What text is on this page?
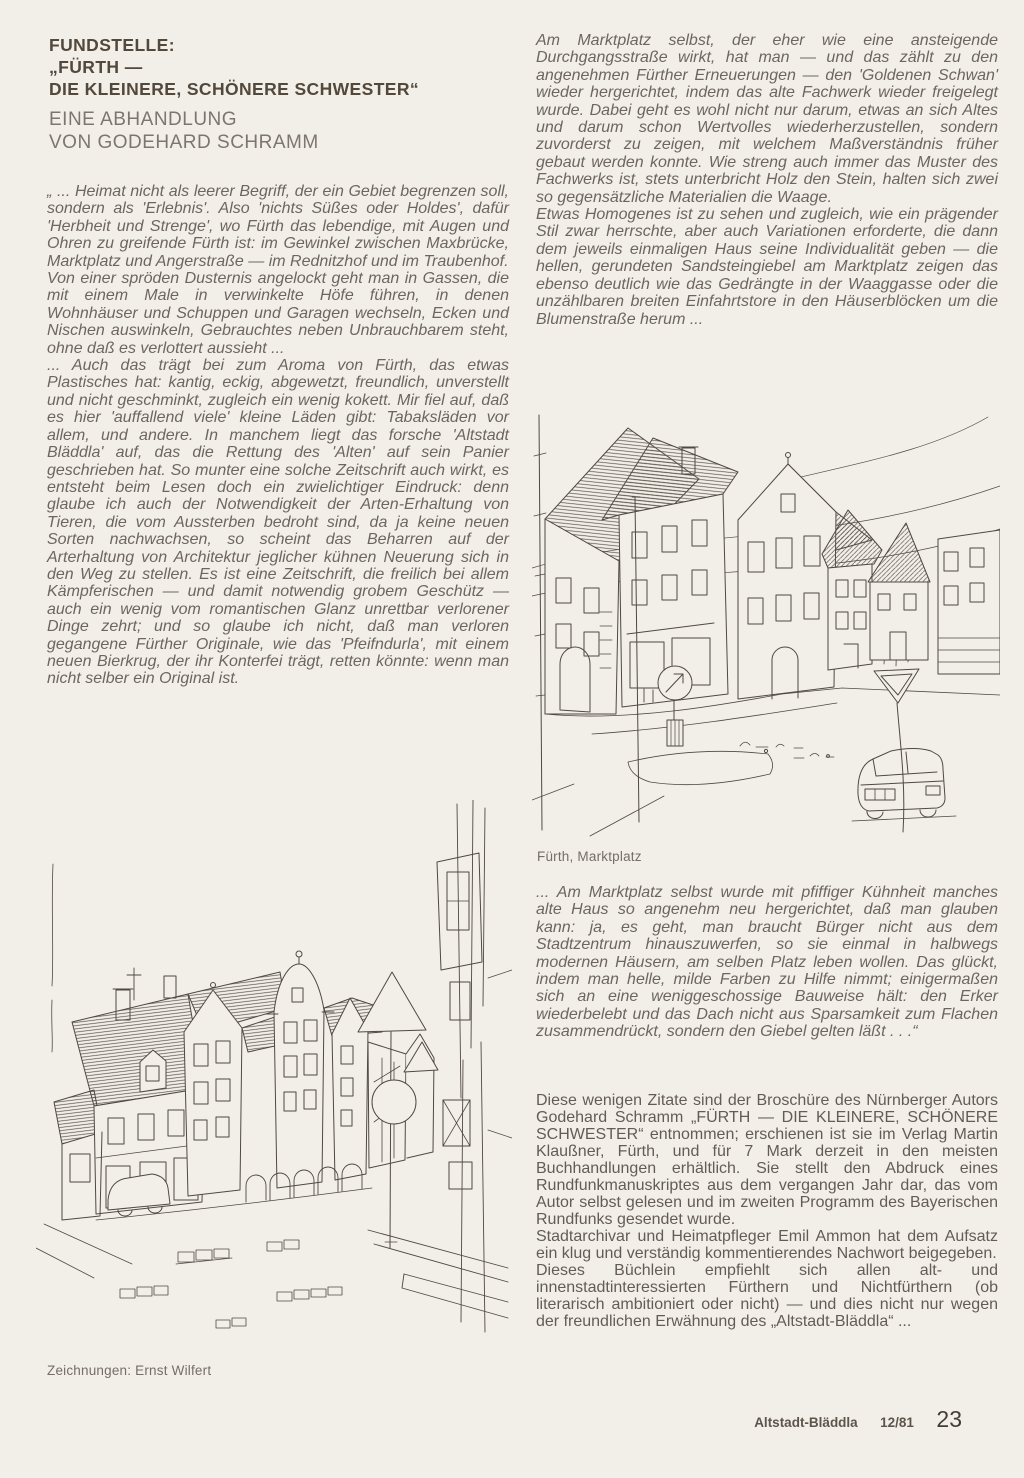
FUNDSTELLE:
„FÜRTH —
DIE KLEINERE, SCHÖNERE SCHWESTER“
EINE ABHANDLUNG
VON GODEHARD SCHRAMM

„ ... Heimat nicht als leerer Begriff, der ein Gebiet begrenzen soll, sondern als 'Erlebnis'. Also 'nichts Süßes oder Holdes', dafür 'Herbheit und Strenge', wo Fürth das lebendige, mit Augen und Ohren zu greifende Fürth ist: im Gewinkel zwischen Maxbrücke, Marktplatz und Angerstraße — im Rednitzhof und im Traubenhof.

Von einer spröden Dusternis angelockt geht man in Gassen, die mit einem Male in verwinkelte Höfe führen, in denen Wohnhäuser und Schuppen und Garagen wechseln, Ecken und Nischen auswinkeln, Gebrauchtes neben Unbrauchbarem steht, ohne daß es verlottert aussieht ...

... Auch das trägt bei zum Aroma von Fürth, das etwas Plastisches hat: kantig, eckig, abgewetzt, freundlich, unverstellt und nicht geschminkt, zugleich ein wenig kokett. Mir fiel auf, daß es hier 'auffallend viele' kleine Läden gibt: Tabaksläden vor allem, und andere. In manchem liegt das forsche 'Altstadt Bläddla' auf, das die Rettung des 'Alten' auf sein Panier geschrieben hat. So munter eine solche Zeitschrift auch wirkt, es entsteht beim Lesen doch ein zwielichtiger Eindruck: denn glaube ich auch der Notwendigkeit der Arten-Erhaltung von Tieren, die vom Aussterben bedroht sind, da ja keine neuen Sorten nachwachsen, so scheint das Beharren auf der Arterhaltung von Architektur jeglicher kühnen Neuerung sich in den Weg zu stellen. Es ist eine Zeitschrift, die freilich bei allem Kämpferischen — und damit notwendig grobem Geschütz — auch ein wenig vom romantischen Glanz unrettbar verlorener Dinge zehrt; und so glaube ich nicht, daß man verloren gegangene Fürther Originale, wie das 'Pfeifndurla', mit einem neuen Bierkrug, der ihr Konterfei trägt, retten könnte: wenn man nicht selber ein Original ist.

Am Marktplatz selbst, der eher wie eine ansteigende Durchgangsstraße wirkt, hat man — und das zählt zu den angenehmen Fürther Erneuerungen — den 'Goldenen Schwan' wieder hergerichtet, indem das alte Fachwerk wieder freigelegt wurde. Dabei geht es wohl nicht nur darum, etwas an sich Altes und darum schon Wertvolles wiederherzustellen, sondern zuvorderst zu zeigen, mit welchem Maßverständnis früher gebaut werden konnte. Wie streng auch immer das Muster des Fachwerks ist, stets unterbricht Holz den Stein, halten sich zwei so gegensätzliche Materialien die Waage.

Etwas Homogenes ist zu sehen und zugleich, wie ein prägender Stil zwar herrschte, aber auch Variationen erforderte, die dann dem jeweils einmaligen Haus seine Individualität geben — die hellen, gerundeten Sandsteingiebel am Marktplatz zeigen das ebenso deutlich wie das Gedrängte in der Waaggasse oder die unzählbaren breiten Einfahrtstore in den Häuserblöcken um die Blumenstraße herum ...

Fürth, Marktplatz

... Am Marktplatz selbst wurde mit pfiffiger Kühnheit manches alte Haus so angenehm neu hergerichtet, daß man glauben kann: ja, es geht, man braucht Bürger nicht aus dem Stadtzentrum hinauszuwerfen, so sie einmal in halbwegs modernen Häusern, am selben Platz leben wollen. Das glückt, indem man helle, milde Farben zu Hilfe nimmt; einigermaßen sich an eine weniggeschossige Bauweise hält: den Erker wiederbelebt und das Dach nicht aus Sparsamkeit zum Flachen zusammendrückt, sondern den Giebel gelten läßt . . .“

Diese wenigen Zitate sind der Broschüre des Nürnberger Autors Godehard Schramm „FÜRTH — DIE KLEINERE, SCHÖNERE SCHWESTER“ entnommen; erschienen ist sie im Verlag Martin Klaußner, Fürth, und für 7 Mark derzeit in den meisten Buchhandlungen erhältlich. Sie stellt den Abdruck eines Rundfunkmanuskriptes aus dem vergangen Jahr dar, das vom Autor selbst gelesen und im zweiten Programm des Bayerischen Rundfunks gesendet wurde.

Stadtarchivar und Heimatpfleger Emil Ammon hat dem Aufsatz ein klug und verständig kommentierendes Nachwort beigegeben.

Dieses Büchlein empfiehlt sich allen alt- und innenstadtinteressierten Fürthern und Nichtfürthern (ob literarisch ambitioniert oder nicht) — und dies nicht nur wegen der freundlichen Erwähnung des „Altstadt-Bläddla“ ...

Zeichnungen: Ernst Wilfert
Altstadt-Bläddla 12/81 23
